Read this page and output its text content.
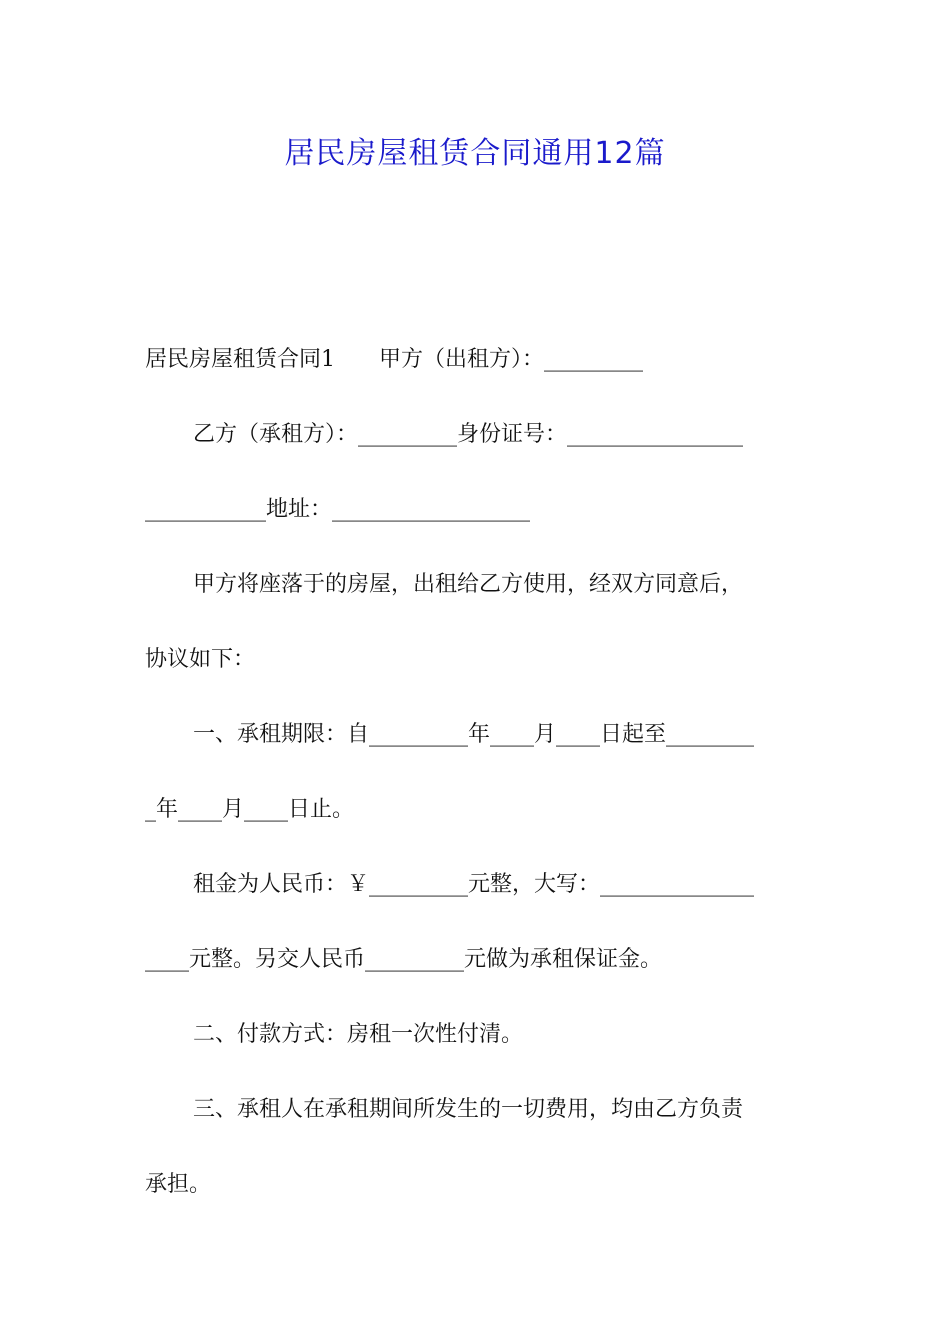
居民房屋租赁合同通用12篇
居民房屋租赁合同1　　甲方（出租方）：_________
乙方（承租方）：_________身份证号：________________
___________地址：__________________
甲方将座落于的房屋，出租给乙方使用，经双方同意后，
协议如下：
一、承租期限：自_________年____月____日起至________
_年____月____日止。
租金为人民币：￥_________元整，大写：______________
____元整。另交人民币_________元做为承租保证金。
二、付款方式：房租一次性付清。
三、承租人在承租期间所发生的一切费用，均由乙方负责
承担。
